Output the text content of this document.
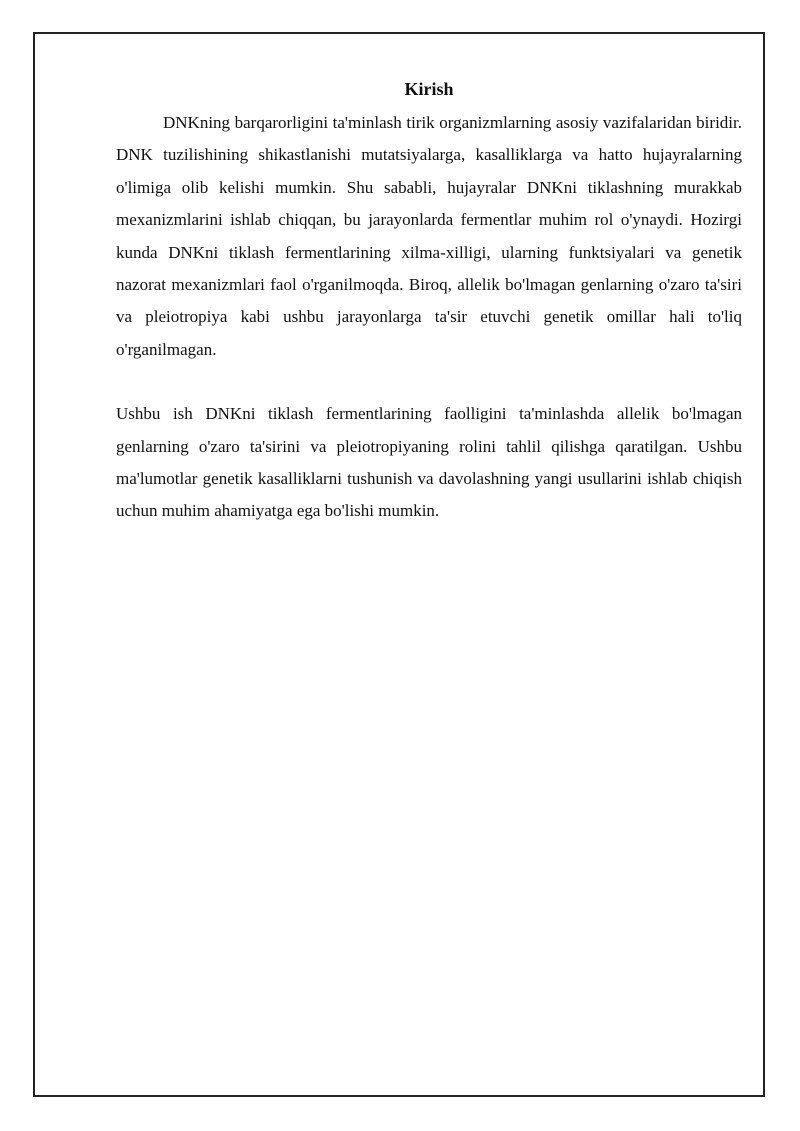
Kirish

DNKning barqarorligini ta'minlash tirik organizmlarning asosiy vazifalaridan biridir. DNK tuzilishining shikastlanishi mutatsiyalarga, kasalliklarga va hatto hujayralarning o'limiga olib kelishi mumkin. Shu sababli, hujayralar DNKni tiklashning murakkab mexanizmlarini ishlab chiqqan, bu jarayonlarda fermentlar muhim rol o'ynaydi. Hozirgi kunda DNKni tiklash fermentlarining xilma-xilligi, ularning funktsiyalari va genetik nazorat mexanizmlari faol o'rganilmoqda. Biroq, allelik bo'lmagan genlarning o'zaro ta'siri va pleiotropiya kabi ushbu jarayonlarga ta'sir etuvchi genetik omillar hali to'liq o'rganilmagan.

Ushbu ish DNKni tiklash fermentlarining faolligini ta'minlashda allelik bo'lmagan genlarning o'zaro ta'sirini va pleiotropiyaning rolini tahlil qilishga qaratilgan. Ushbu ma'lumotlar genetik kasalliklarni tushunish va davolashning yangi usullarini ishlab chiqish uchun muhim ahamiyatga ega bo'lishi mumkin.
